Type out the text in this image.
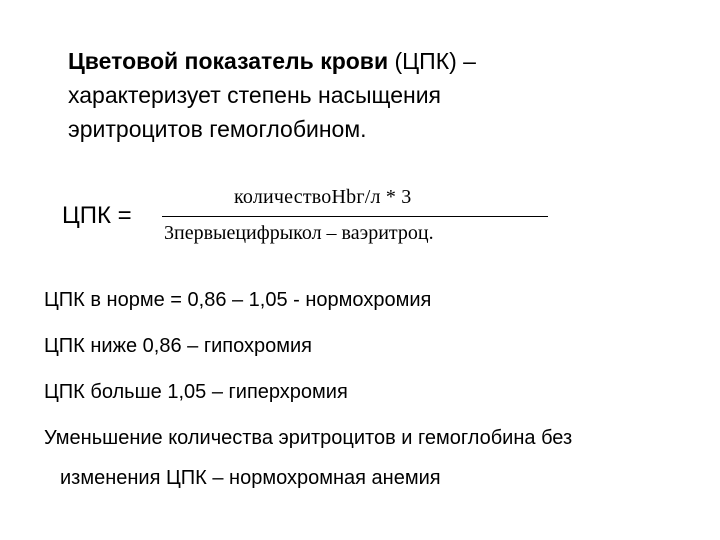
Цветовой показатель крови (ЦПК) –
характеризует степень насыщения
эритроцитов гемоглобином.
ЦПК =
количествоНbг/л * 3
3первыецифрыкол – ваэритроц.
ЦПК в норме = 0,86 – 1,05 - нормохромия
ЦПК ниже 0,86 – гипохромия
ЦПК больше 1,05 – гиперхромия
Уменьшение количества эритроцитов и гемоглобина без
изменения ЦПК – нормохромная анемия
